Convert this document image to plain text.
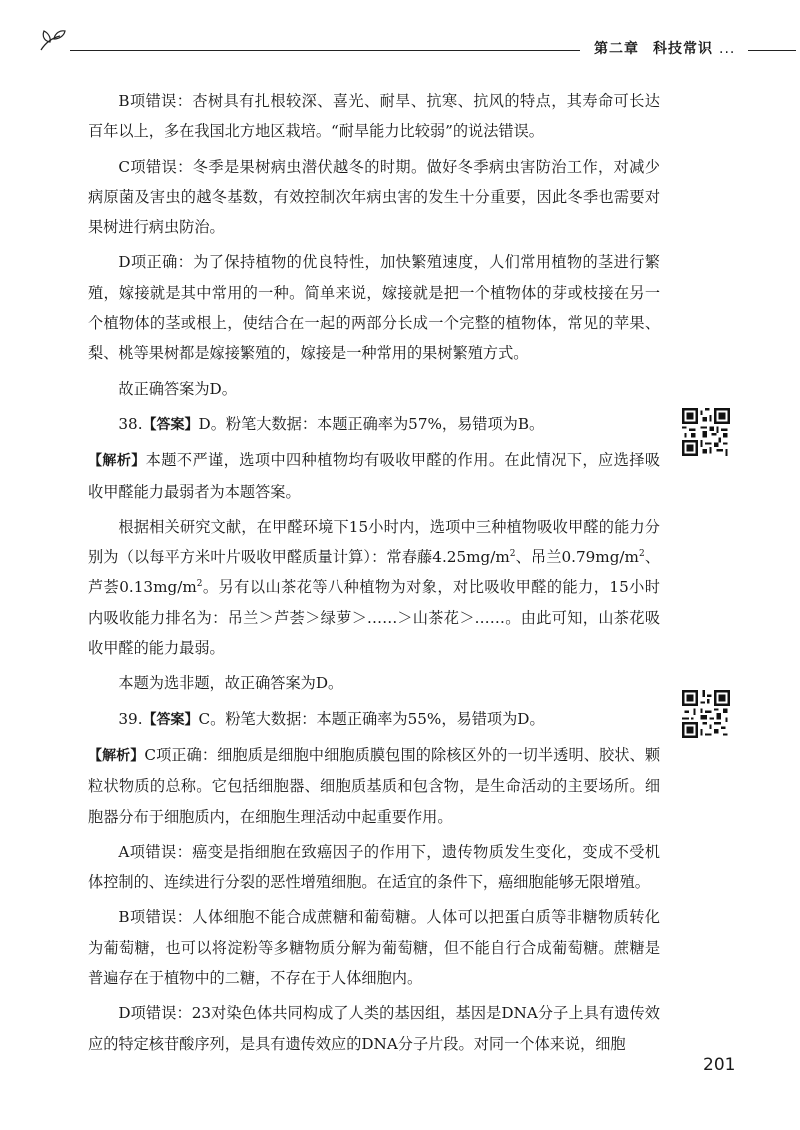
第二章 科技常识 ...

B项错误：杏树具有扎根较深、喜光、耐旱、抗寒、抗风的特点，其寿命可长达百年以上，多在我国北方地区栽培。“耐旱能力比较弱”的说法错误。

C项错误：冬季是果树病虫潜伏越冬的时期。做好冬季病虫害防治工作，对减少病原菌及害虫的越冬基数，有效控制次年病虫害的发生十分重要，因此冬季也需要对果树进行病虫防治。

D项正确：为了保持植物的优良特性，加快繁殖速度，人们常用植物的茎进行繁殖，嫁接就是其中常用的一种。简单来说，嫁接就是把一个植物体的芽或枝接在另一个植物体的茎或根上，使结合在一起的两部分长成一个完整的植物体，常见的苹果、梨、桃等果树都是嫁接繁殖的，嫁接是一种常用的果树繁殖方式。

故正确答案为D。

38.【答案】D。粉笔大数据：本题正确率为57%，易错项为B。

【解析】本题不严谨，选项中四种植物均有吸收甲醛的作用。在此情况下，应选择吸收甲醛能力最弱者为本题答案。

根据相关研究文献，在甲醛环境下15小时内，选项中三种植物吸收甲醛的能力分别为（以每平方米叶片吸收甲醛质量计算）：常春藤$4.25mg/m^2$、吊兰$0.79mg/m^2$、芦荟$0.13mg/m^2$。另有以山茶花等八种植物为对象，对比吸收甲醛的能力，15小时内吸收能力排名为：吊兰＞芦荟＞绿萝＞……＞山茶花＞……。由此可知，山茶花吸收甲醛的能力最弱。

本题为选非题，故正确答案为D。

39.【答案】C。粉笔大数据：本题正确率为55%，易错项为D。

【解析】C项正确：细胞质是细胞中细胞质膜包围的除核区外的一切半透明、胶状、颗粒状物质的总称。它包括细胞器、细胞质基质和包含物，是生命活动的主要场所。细胞器分布于细胞质内，在细胞生理活动中起重要作用。

A项错误：癌变是指细胞在致癌因子的作用下，遗传物质发生变化，变成不受机体控制的、连续进行分裂的恶性增殖细胞。在适宜的条件下，癌细胞能够无限增殖。

B项错误：人体细胞不能合成蔗糖和葡萄糖。人体可以把蛋白质等非糖物质转化为葡萄糖，也可以将淀粉等多糖物质分解为葡萄糖，但不能自行合成葡萄糖。蔗糖是普遍存在于植物中的二糖，不存在于人体细胞内。

D项错误：23对染色体共同构成了人类的基因组，基因是DNA分子上具有遗传效应的特定核苷酸序列，是具有遗传效应的DNA分子片段。对同一个体来说，细胞

201
